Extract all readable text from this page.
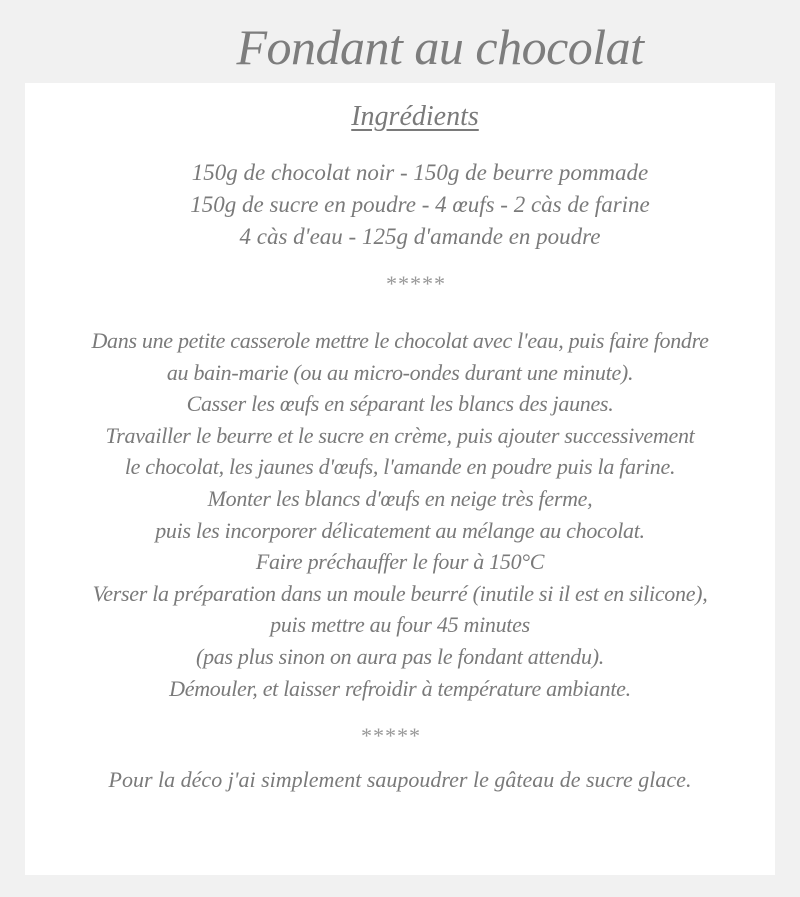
Fondant au chocolat
Ingrédients
150g de chocolat noir - 150g de beurre pommade
150g de sucre en poudre - 4 œufs - 2 càs de farine
4 càs d'eau - 125g d'amande en poudre
*****
Dans une petite casserole mettre le chocolat avec l'eau, puis faire fondre
au bain-marie (ou au micro-ondes durant une minute).
Casser les œufs en séparant les blancs des jaunes.
Travailler le beurre et le sucre en crème, puis ajouter successivement
le chocolat, les jaunes d'œufs, l'amande en poudre puis la farine.
Monter les blancs d'œufs en neige très ferme,
puis les incorporer délicatement au mélange au chocolat.
Faire préchauffer le four à 150°C
Verser la préparation dans un moule beurré (inutile si il est en silicone),
puis mettre au four 45 minutes
(pas plus sinon on aura pas le fondant attendu).
Démouler, et laisser refroidir à température ambiante.
*****
Pour la déco j'ai simplement saupoudrer le gâteau de sucre glace.
